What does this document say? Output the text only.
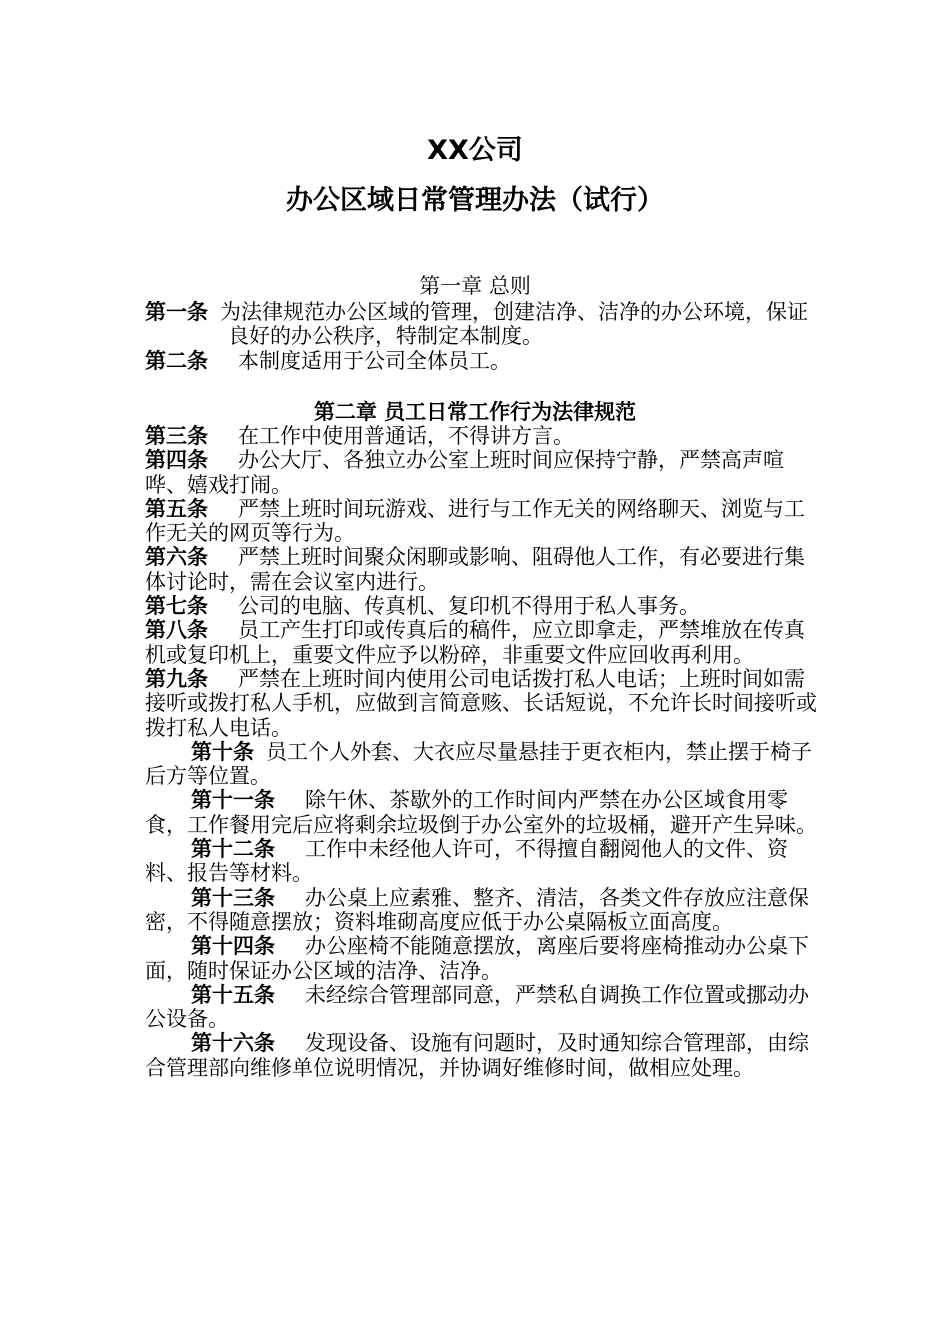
XX公司
办公区域日常管理办法（试行）
第一章 总则

第一条 为法律规范办公区域的管理，创建洁净、洁净的办公环境，保证良好的办公秩序，特制定本制度。

第二条 本制度适用于公司全体员工。

第二章 员工日常工作行为法律规范

第三条 在工作中使用普通话，不得讲方言。

第四条 办公大厅、各独立办公室上班时间应保持宁静，严禁高声喧哗、嬉戏打闹。

第五条 严禁上班时间玩游戏、进行与工作无关的网络聊天、浏览与工作无关的网页等行为。

第六条 严禁上班时间聚众闲聊或影响、阻碍他人工作，有必要进行集体讨论时，需在会议室内进行。

第七条 公司的电脑、传真机、复印机不得用于私人事务。

第八条 员工产生打印或传真后的稿件，应立即拿走，严禁堆放在传真机或复印机上，重要文件应予以粉碎，非重要文件应回收再利用。

第九条 严禁在上班时间内使用公司电话拨打私人电话；上班时间如需接听或拨打私人手机，应做到言简意赅、长话短说，不允许长时间接听或拨打私人电话。

第十条 员工个人外套、大衣应尽量悬挂于更衣柜内，禁止摆于椅子后方等位置。

第十一条 除午休、茶歇外的工作时间内严禁在办公区域食用零食，工作餐用完后应将剩余垃圾倒于办公室外的垃圾桶，避开产生异味。

第十二条 工作中未经他人许可，不得擅自翻阅他人的文件、资料、报告等材料。

第十三条 办公桌上应素雅、整齐、清洁，各类文件存放应注意保密，不得随意摆放；资料堆砌高度应低于办公桌隔板立面高度。

第十四条 办公座椅不能随意摆放，离座后要将座椅推动办公桌下面，随时保证办公区域的洁净、洁净。

第十五条 未经综合管理部同意，严禁私自调换工作位置或挪动办公设备。

第十六条 发现设备、设施有问题时，及时通知综合管理部，由综合管理部向维修单位说明情况，并协调好维修时间，做相应处理。
